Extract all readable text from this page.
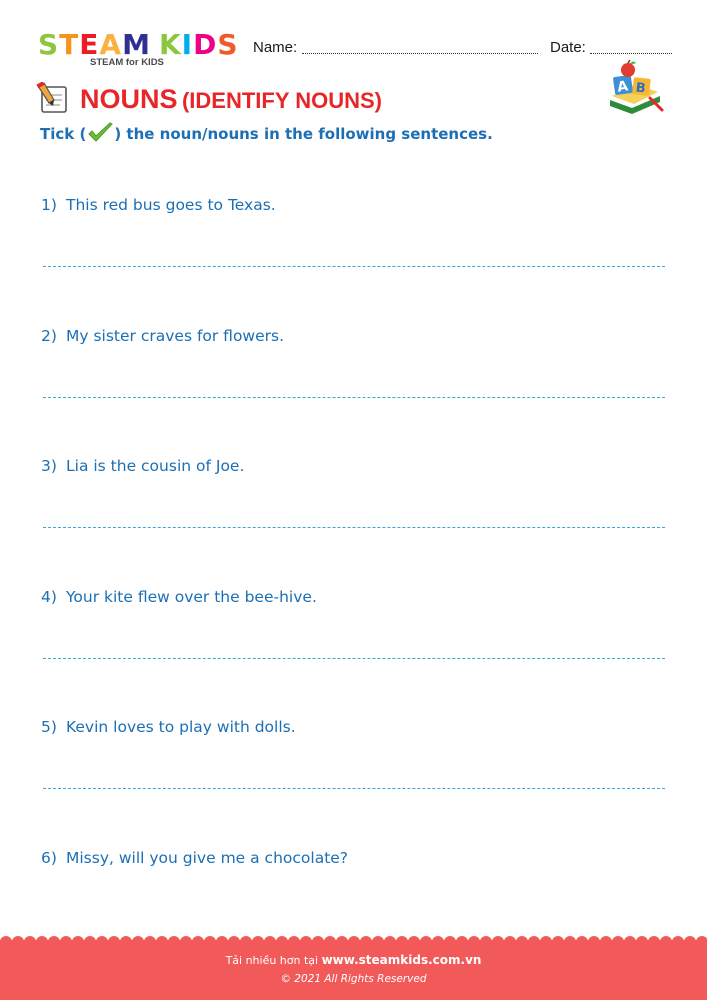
STEAM KIDS
STEAM for KIDS
Name:	Date:
A B
NOUNS (IDENTIFY NOUNS)
Tick ( ) the noun/nouns in the following sentences.
1) This red bus goes to Texas.
2) My sister craves for flowers.
3) Lia is the cousin of Joe.
4) Your kite flew over the bee-hive.
5) Kevin loves to play with dolls.
6) Missy, will you give me a chocolate?
Tải nhiều hơn tại www.steamkids.com.vn
© 2021 All Rights Reserved
